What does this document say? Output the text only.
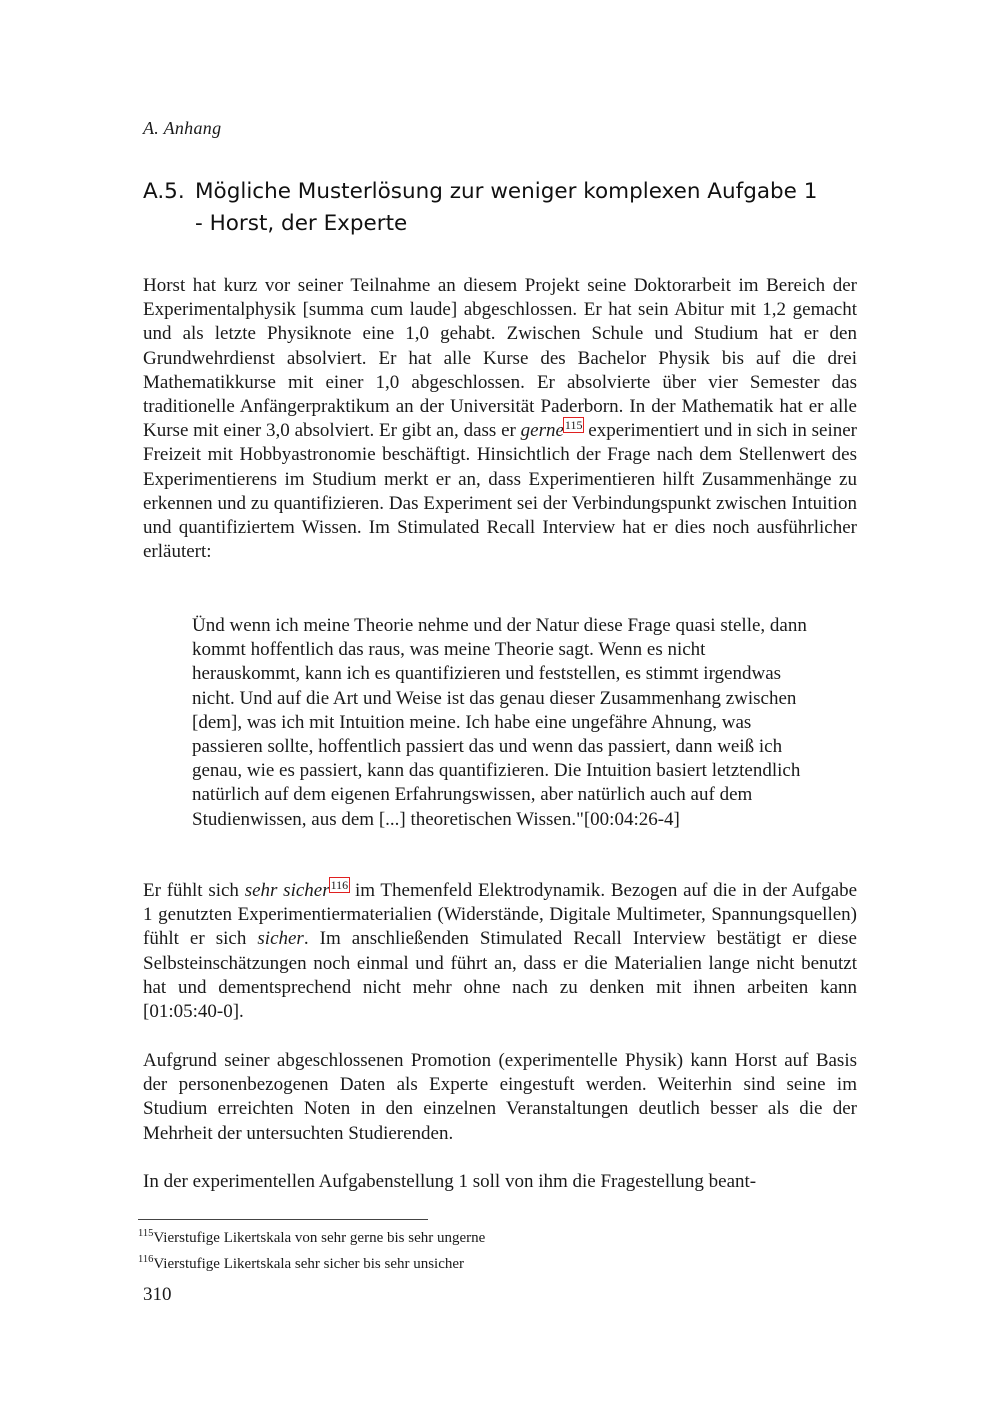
A. Anhang
A.5. Mögliche Musterlösung zur weniger komplexen Aufgabe 1
- Horst, der Experte

Horst hat kurz vor seiner Teilnahme an diesem Projekt seine Doktorarbeit im Bereich der Experimentalphysik [summa cum laude] abgeschlossen. Er hat sein Abitur mit 1,2 gemacht und als letzte Physiknote eine 1,0 gehabt. Zwischen Schule und Studium hat er den Grundwehrdienst absolviert. Er hat alle Kurse des Bachelor Physik bis auf die drei Mathematikkurse mit einer 1,0 abgeschlossen. Er absolvierte über vier Semester das traditionelle Anfängerpraktikum an der Universität Paderborn. In der Mathematik hat er alle Kurse mit einer 3,0 absolviert. Er gibt an, dass er gerne$^{115}$ experimentiert und in sich in seiner Freizeit mit Hobbyastronomie beschäftigt. Hinsichtlich der Frage nach dem Stellenwert des Experimentierens im Studium merkt er an, dass Experimentieren hilft Zusammenhänge zu erkennen und zu quantifizieren. Das Experiment sei der Verbindungspunkt zwischen Intuition und quantifiziertem Wissen. Im Stimulated Recall Interview hat er dies noch ausführlicher erläutert:

Ünd wenn ich meine Theorie nehme und der Natur diese Frage quasi stelle, dann kommt hoffentlich das raus, was meine Theorie sagt. Wenn es nicht herauskommt, kann ich es quantifizieren und feststellen, es stimmt irgendwas nicht. Und auf die Art und Weise ist das genau dieser Zusammenhang zwischen [dem], was ich mit Intuition meine. Ich habe eine ungefähre Ahnung, was passieren sollte, hoffentlich passiert das und wenn das passiert, dann weiß ich genau, wie es passiert, kann das quantifizieren. Die Intuition basiert letztendlich natürlich auf dem eigenen Erfahrungswissen, aber natürlich auch auf dem Studienwissen, aus dem [...] theoretischen Wissen."[00:04:26-4]

Er fühlt sich sehr sicher$^{116}$ im Themenfeld Elektrodynamik. Bezogen auf die in der Aufgabe 1 genutzten Experimentiermaterialien (Widerstände, Digitale Multimeter, Spannungsquellen) fühlt er sich sicher. Im anschließenden Stimulated Recall Interview bestätigt er diese Selbsteinschätzungen noch einmal und führt an, dass er die Materialien lange nicht benutzt hat und dementsprechend nicht mehr ohne nach zu denken mit ihnen arbeiten kann [01:05:40-0].

Aufgrund seiner abgeschlossenen Promotion (experimentelle Physik) kann Horst auf Basis der personenbezogenen Daten als Experte eingestuft werden. Weiterhin sind seine im Studium erreichten Noten in den einzelnen Veranstaltungen deutlich besser als die der Mehrheit der untersuchten Studierenden.

In der experimentellen Aufgabenstellung 1 soll von ihm die Fragestellung beant-

$^{115}$Vierstufige Likertskala von sehr gerne bis sehr ungerne
$^{116}$Vierstufige Likertskala sehr sicher bis sehr unsicher
310
